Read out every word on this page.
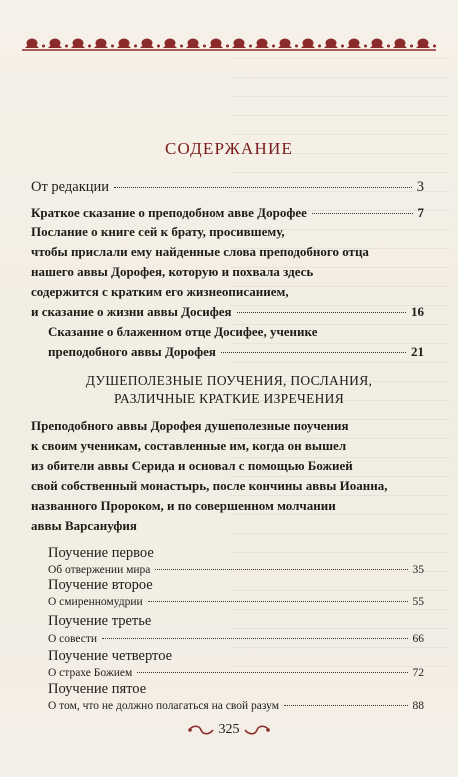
СОДЕРЖАНИЕ
От редакции	3
Краткое сказание о преподобном авве Дорофее	7
Послание о книге сей к брату, просившему,
чтобы прислали ему найденные слова преподобного отца
нашего аввы Дорофея, которую и похвала здесь
содержится с кратким его жизнеописанием,
и сказание о жизни аввы Досифея	16
Сказание о блаженном отце Досифее, ученике
преподобного аввы Дорофея	21
ДУШЕПОЛЕЗНЫЕ ПОУЧЕНИЯ, ПОСЛАНИЯ,
РАЗЛИЧНЫЕ КРАТКИЕ ИЗРЕЧЕНИЯ
Преподобного аввы Дорофея душеполезные поучения
к своим ученикам, составленные им, когда он вышел
из обители аввы Серида и основал с помощью Божией
свой собственный монастырь, после кончины аввы Иоанна,
названного Пророком, и по совершенном молчании
аввы Варсануфия
Поучение первое
Об отвержении мира	35
Поучение второе
О смиренномудрии	55
Поучение третье
О совести	66
Поучение четвертое
О страхе Божием	72
Поучение пятое
О том, что не должно полагаться на свой разум	88
325
